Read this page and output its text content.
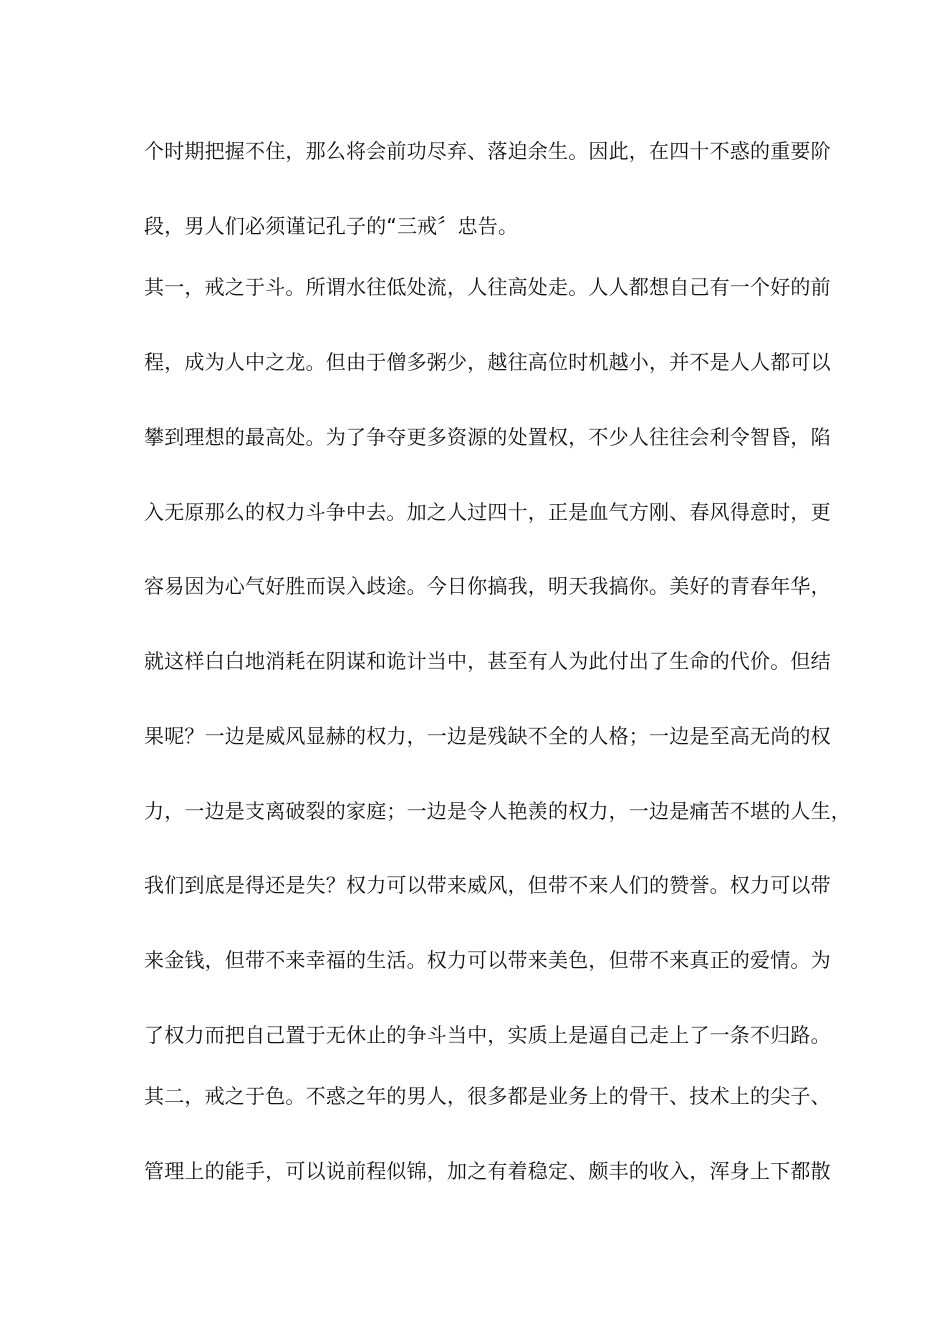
个时期把握不住，那么将会前功尽弃、落迫余生。因此，在四十不惑的重要阶
段，男人们必须谨记孔子的“三戒〞忠告。
其一，戒之于斗。所谓水往低处流，人往高处走。人人都想自己有一个好的前
程，成为人中之龙。但由于僧多粥少，越往高位时机越小，并不是人人都可以
攀到理想的最高处。为了争夺更多资源的处置权，不少人往往会利令智昏，陷
入无原那么的权力斗争中去。加之人过四十，正是血气方刚、春风得意时，更
容易因为心气好胜而误入歧途。今日你搞我，明天我搞你。美好的青春年华，
就这样白白地消耗在阴谋和诡计当中，甚至有人为此付出了生命的代价。但结
果呢？一边是威风显赫的权力，一边是残缺不全的人格；一边是至高无尚的权
力，一边是支离破裂的家庭；一边是令人艳羡的权力，一边是痛苦不堪的人生，
我们到底是得还是失？权力可以带来威风，但带不来人们的赞誉。权力可以带
来金钱，但带不来幸福的生活。权力可以带来美色，但带不来真正的爱情。为
了权力而把自己置于无休止的争斗当中，实质上是逼自己走上了一条不归路。
其二，戒之于色。不惑之年的男人，很多都是业务上的骨干、技术上的尖子、
管理上的能手，可以说前程似锦，加之有着稳定、颇丰的收入，浑身上下都散
